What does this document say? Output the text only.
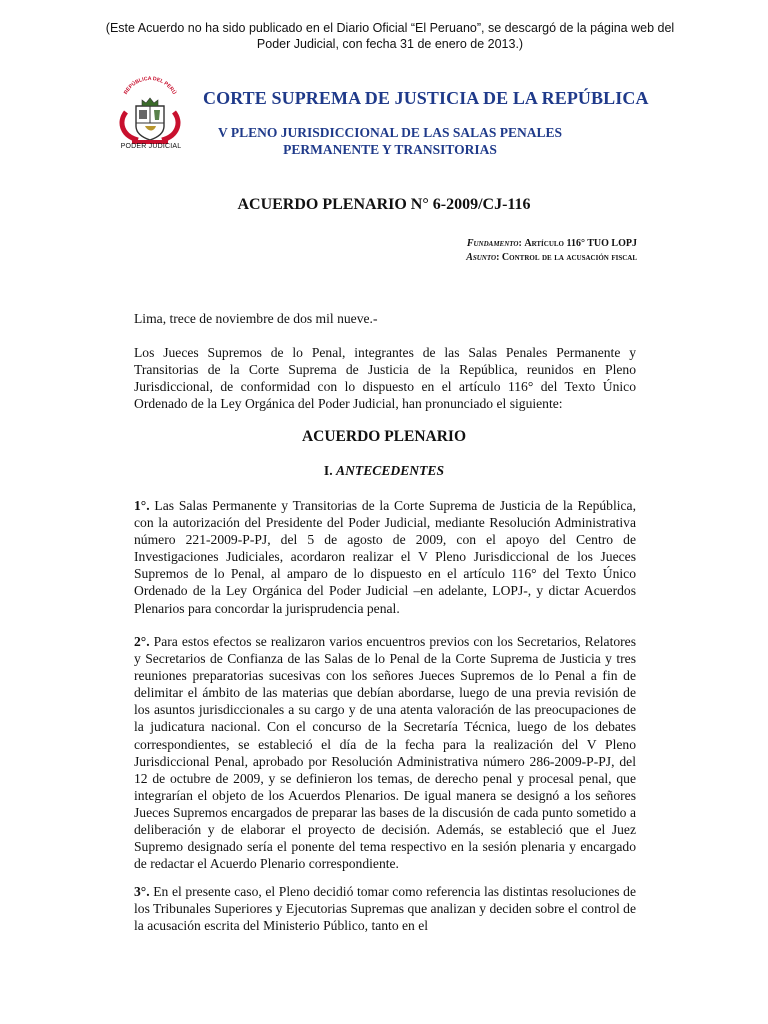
(Este Acuerdo no ha sido publicado en el Diario Oficial “El Peruano”, se descargó de la página web del Poder Judicial, con fecha 31 de enero de 2013.)
REPÚBLICA DEL PERÚ
PODER JUDICIAL
CORTE SUPREMA DE JUSTICIA DE LA REPÚBLICA
V PLENO JURISDICCIONAL DE LAS SALAS PENALES PERMANENTE Y TRANSITORIAS
ACUERDO PLENARIO N° 6-2009/CJ-116
Fundamento: Artículo 116° TUO LOPJ
Asunto: Control de la acusación fiscal
Lima, trece de noviembre de dos mil nueve.-
Los Jueces Supremos de lo Penal, integrantes de las Salas Penales Permanente y Transitorias de la Corte Suprema de Justicia de la República, reunidos en Pleno Jurisdiccional, de conformidad con lo dispuesto en el artículo 116° del Texto Único Ordenado de la Ley Orgánica del Poder Judicial, han pronunciado el siguiente:
ACUERDO PLENARIO
I. ANTECEDENTES
1°. Las Salas Permanente y Transitorias de la Corte Suprema de Justicia de la República, con la autorización del Presidente del Poder Judicial, mediante Resolución Administrativa número 221-2009-P-PJ, del 5 de agosto de 2009, con el apoyo del Centro de Investigaciones Judiciales, acordaron realizar el V Pleno Jurisdiccional de los Jueces Supremos de lo Penal, al amparo de lo dispuesto en el artículo 116° del Texto Único Ordenado de la Ley Orgánica del Poder Judicial –en adelante, LOPJ-, y dictar Acuerdos Plenarios para concordar la jurisprudencia penal.
2°. Para estos efectos se realizaron varios encuentros previos con los Secretarios, Relatores y Secretarios de Confianza de las Salas de lo Penal de la Corte Suprema de Justicia y tres reuniones preparatorias sucesivas con los señores Jueces Supremos de lo Penal a fin de delimitar el ámbito de las materias que debían abordarse, luego de una previa revisión de los asuntos jurisdiccionales a su cargo y de una atenta valoración de las preocupaciones de la judicatura nacional. Con el concurso de la Secretaría Técnica, luego de los debates correspondientes, se estableció el día de la fecha para la realización del V Pleno Jurisdiccional Penal, aprobado por Resolución Administrativa número 286-2009-P-PJ, del 12 de octubre de 2009, y se definieron los temas, de derecho penal y procesal penal, que integrarían el objeto de los Acuerdos Plenarios. De igual manera se designó a los señores Jueces Supremos encargados de preparar las bases de la discusión de cada punto sometido a deliberación y de elaborar el proyecto de decisión. Además, se estableció que el Juez Supremo designado sería el ponente del tema respectivo en la sesión plenaria y encargado de redactar el Acuerdo Plenario correspondiente.
3°. En el presente caso, el Pleno decidió tomar como referencia las distintas resoluciones de los Tribunales Superiores y Ejecutorias Supremas que analizan y deciden sobre el control de la acusación escrita del Ministerio Público, tanto en el
